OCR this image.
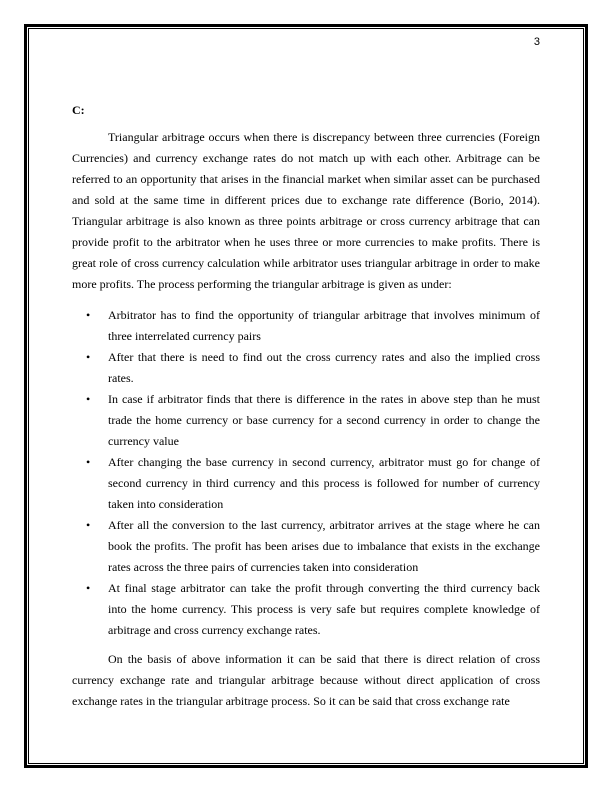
3
C:

Triangular arbitrage occurs when there is discrepancy between three currencies (Foreign Currencies) and currency exchange rates do not match up with each other. Arbitrage can be referred to an opportunity that arises in the financial market when similar asset can be purchased and sold at the same time in different prices due to exchange rate difference (Borio, 2014). Triangular arbitrage is also known as three points arbitrage or cross currency arbitrage that can provide profit to the arbitrator when he uses three or more currencies to make profits. There is great role of cross currency calculation while arbitrator uses triangular arbitrage in order to make more profits. The process performing the triangular arbitrage is given as under:

• Arbitrator has to find the opportunity of triangular arbitrage that involves minimum of three interrelated currency pairs
• After that there is need to find out the cross currency rates and also the implied cross rates.
• In case if arbitrator finds that there is difference in the rates in above step than he must trade the home currency or base currency for a second currency in order to change the currency value
• After changing the base currency in second currency, arbitrator must go for change of second currency in third currency and this process is followed for number of currency taken into consideration
• After all the conversion to the last currency, arbitrator arrives at the stage where he can book the profits. The profit has been arises due to imbalance that exists in the exchange rates across the three pairs of currencies taken into consideration
• At final stage arbitrator can take the profit through converting the third currency back into the home currency. This process is very safe but requires complete knowledge of arbitrage and cross currency exchange rates.

On the basis of above information it can be said that there is direct relation of cross currency exchange rate and triangular arbitrage because without direct application of cross exchange rates in the triangular arbitrage process. So it can be said that cross exchange rate
